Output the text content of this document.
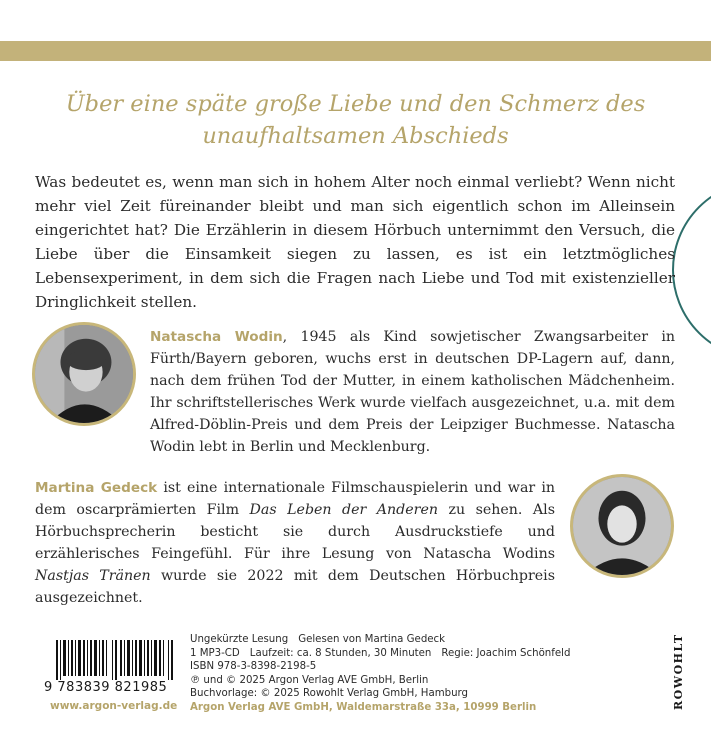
Über eine späte große Liebe und den Schmerz des
unaufhaltsamen Abschieds

Was bedeutet es, wenn man sich in hohem Alter noch einmal verliebt? Wenn nicht mehr viel Zeit füreinander bleibt und man sich eigentlich schon im Alleinsein eingerichtet hat? Die Erzählerin in diesem Hörbuch unternimmt den Versuch, die Liebe über die Einsamkeit siegen zu lassen, es ist ein letztmögliches Lebensexperiment, in dem sich die Fragen nach Liebe und Tod mit existenzieller Dringlichkeit stellen.

Natascha Wodin, 1945 als Kind sowjetischer Zwangsarbeiter in Fürth/Bayern geboren, wuchs erst in deutschen DP-Lagern auf, dann, nach dem frühen Tod der Mutter, in einem katholischen Mädchenheim. Ihr schriftstellerisches Werk wurde vielfach ausgezeichnet, u.a. mit dem Alfred-Döblin-Preis und dem Preis der Leipziger Buchmesse. Natascha Wodin lebt in Berlin und Mecklenburg.

Martina Gedeck ist eine internationale Filmschauspielerin und war in dem oscarprämierten Film Das Leben der Anderen zu sehen. Als Hörbuchsprecherin besticht sie durch Ausdruckstiefe und erzählerisches Feingefühl. Für ihre Lesung von Natascha Wodins Nastjas Tränen wurde sie 2022 mit dem Deutschen Hörbuchpreis ausgezeichnet.

9 783839 821985
www.argon-verlag.de
Ungekürzte Lesung Gelesen von Martina Gedeck
1 MP3-CD Laufzeit: ca. 8 Stunden, 30 Minuten Regie: Joachim Schönfeld
ISBN 978-3-8398-2198-5
℗ und © 2025 Argon Verlag AVE GmbH, Berlin
Buchvorlage: © 2025 Rowohlt Verlag GmbH, Hamburg
Argon Verlag AVE GmbH, Waldemarstraße 33a, 10999 Berlin	ROWOHLT
